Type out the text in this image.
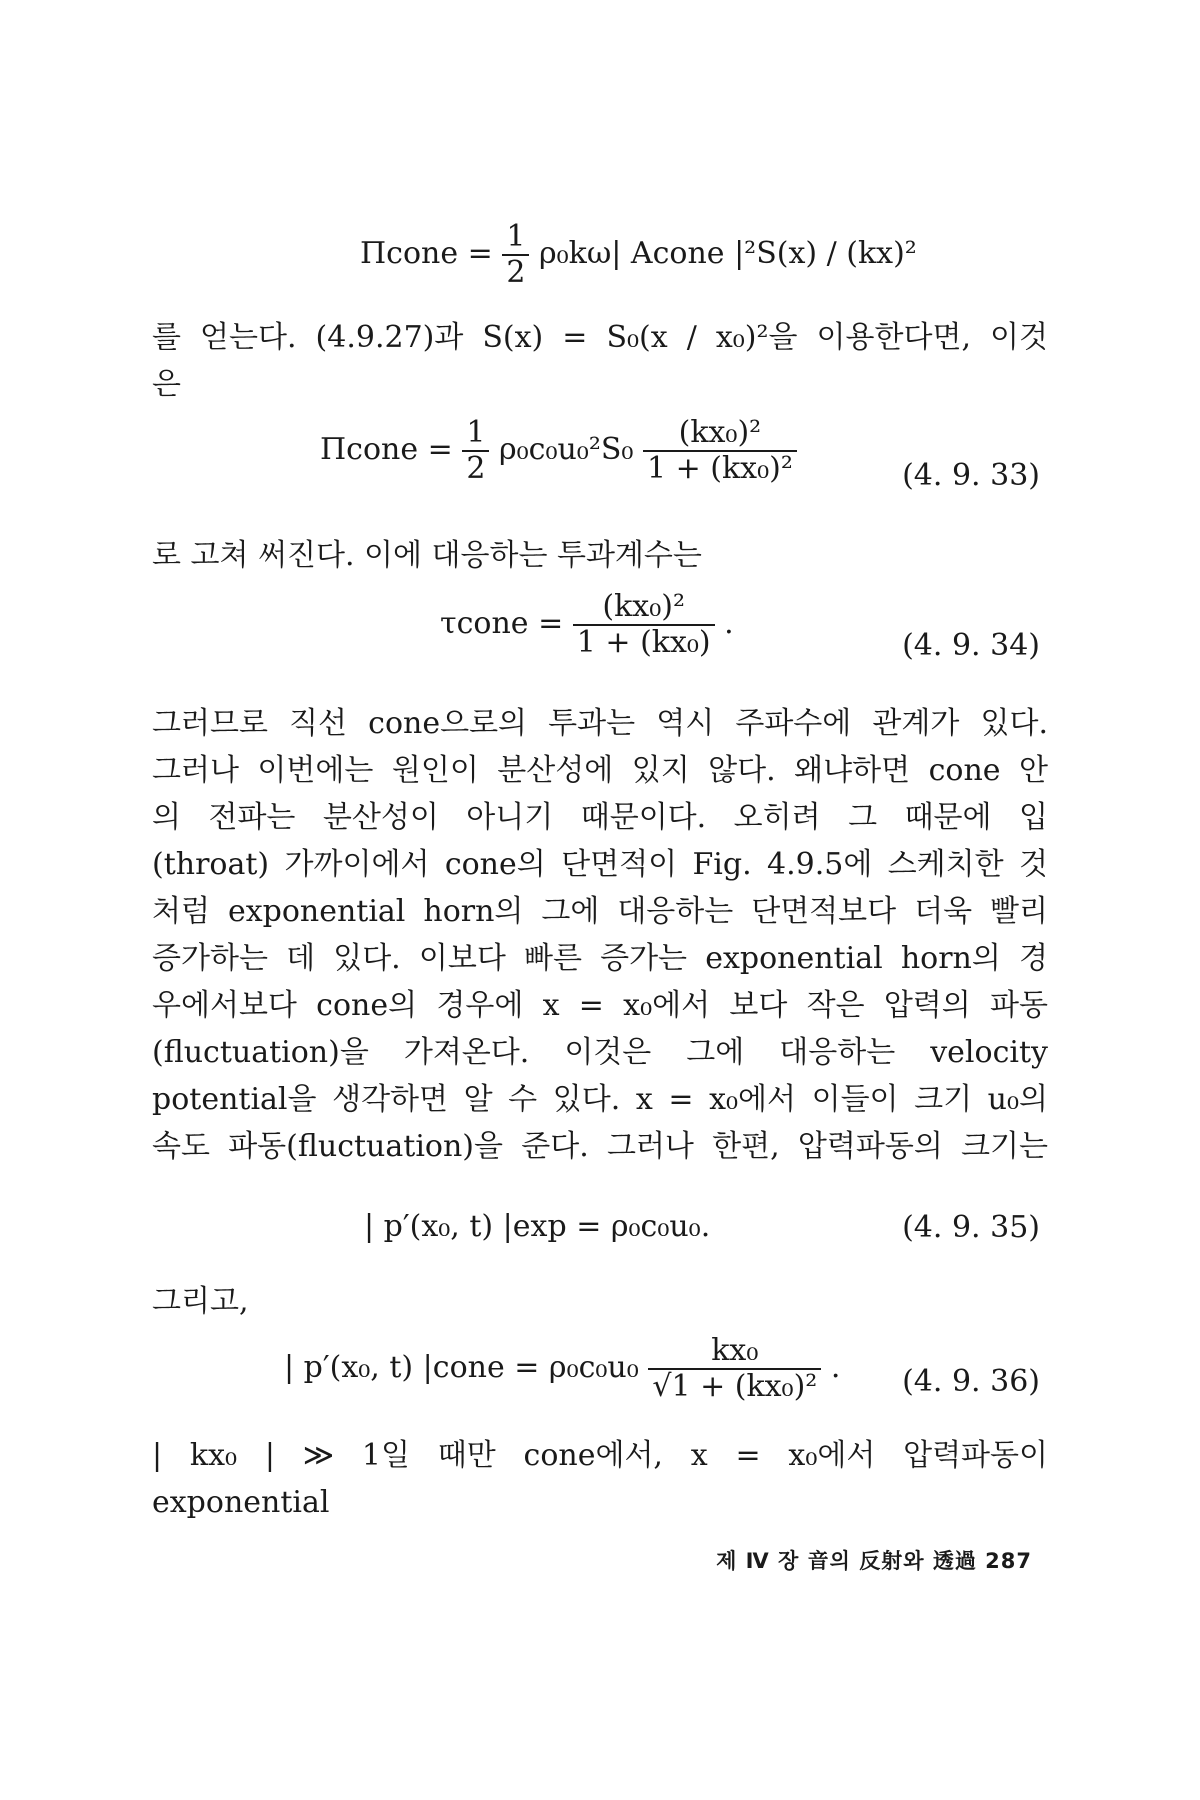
Πcone = $\frac{1}{2} \rho_0k\omega|$ Acone |²S(x) / (kx)²

를 얻는다. (4.9.27)과 S(x) = S₀(x / x₀)²을 이용한다면, 이것

은

Πcone = $\frac{1}{2} \rho_0c_0u_0^2S_0 \frac{\text{(kx₀)²}}{\text{1 + (kx₀)²}}$	(4. 9. 33)

로 고쳐 써진다. 이에 대응하는 투과계수는

τcone = $\frac{\text{(kx₀)²}}{\text{1 + (kx₀)}}$ .
(4. 9. 34)

그러므로 직선 cone으로의 투과는 역시 주파수에 관계가 있다.

그러나 이번에는 원인이 분산성에 있지 않다. 왜냐하면 cone 안

의 전파는 분산성이 아니기 때문이다. 오히려 그 때문에 입

(throat) 가까이에서 cone의 단면적이 Fig. 4.9.5에 스케치한 것

처럼 exponential horn의 그에 대응하는 단면적보다 더욱 빨리

증가하는 데 있다. 이보다 빠른 증가는 exponential horn의 경

우에서보다 cone의 경우에 x = x₀에서 보다 작은 압력의 파동

(fluctuation)을 가져온다. 이것은 그에 대응하는 velocity

potential을 생각하면 알 수 있다. x = x₀에서 이들이 크기 u₀의

속도 파동(fluctuation)을 준다. 그러나 한편, 압력파동의 크기는

| p′(x₀, t) |exp = ρ₀c₀u₀.	(4. 9. 35)

그리고,

| p′(x₀, t) |cone = $\rho_0c_0u_0 \frac{\text{kx₀}}{\text{√1 + (kx₀)²}}$ . (4. 9. 36)

| kx₀ | ≫ 1일 때만 cone에서, x = x₀에서 압력파동이 exponential

제 Ⅳ 장 音의 反射와 透過 287
